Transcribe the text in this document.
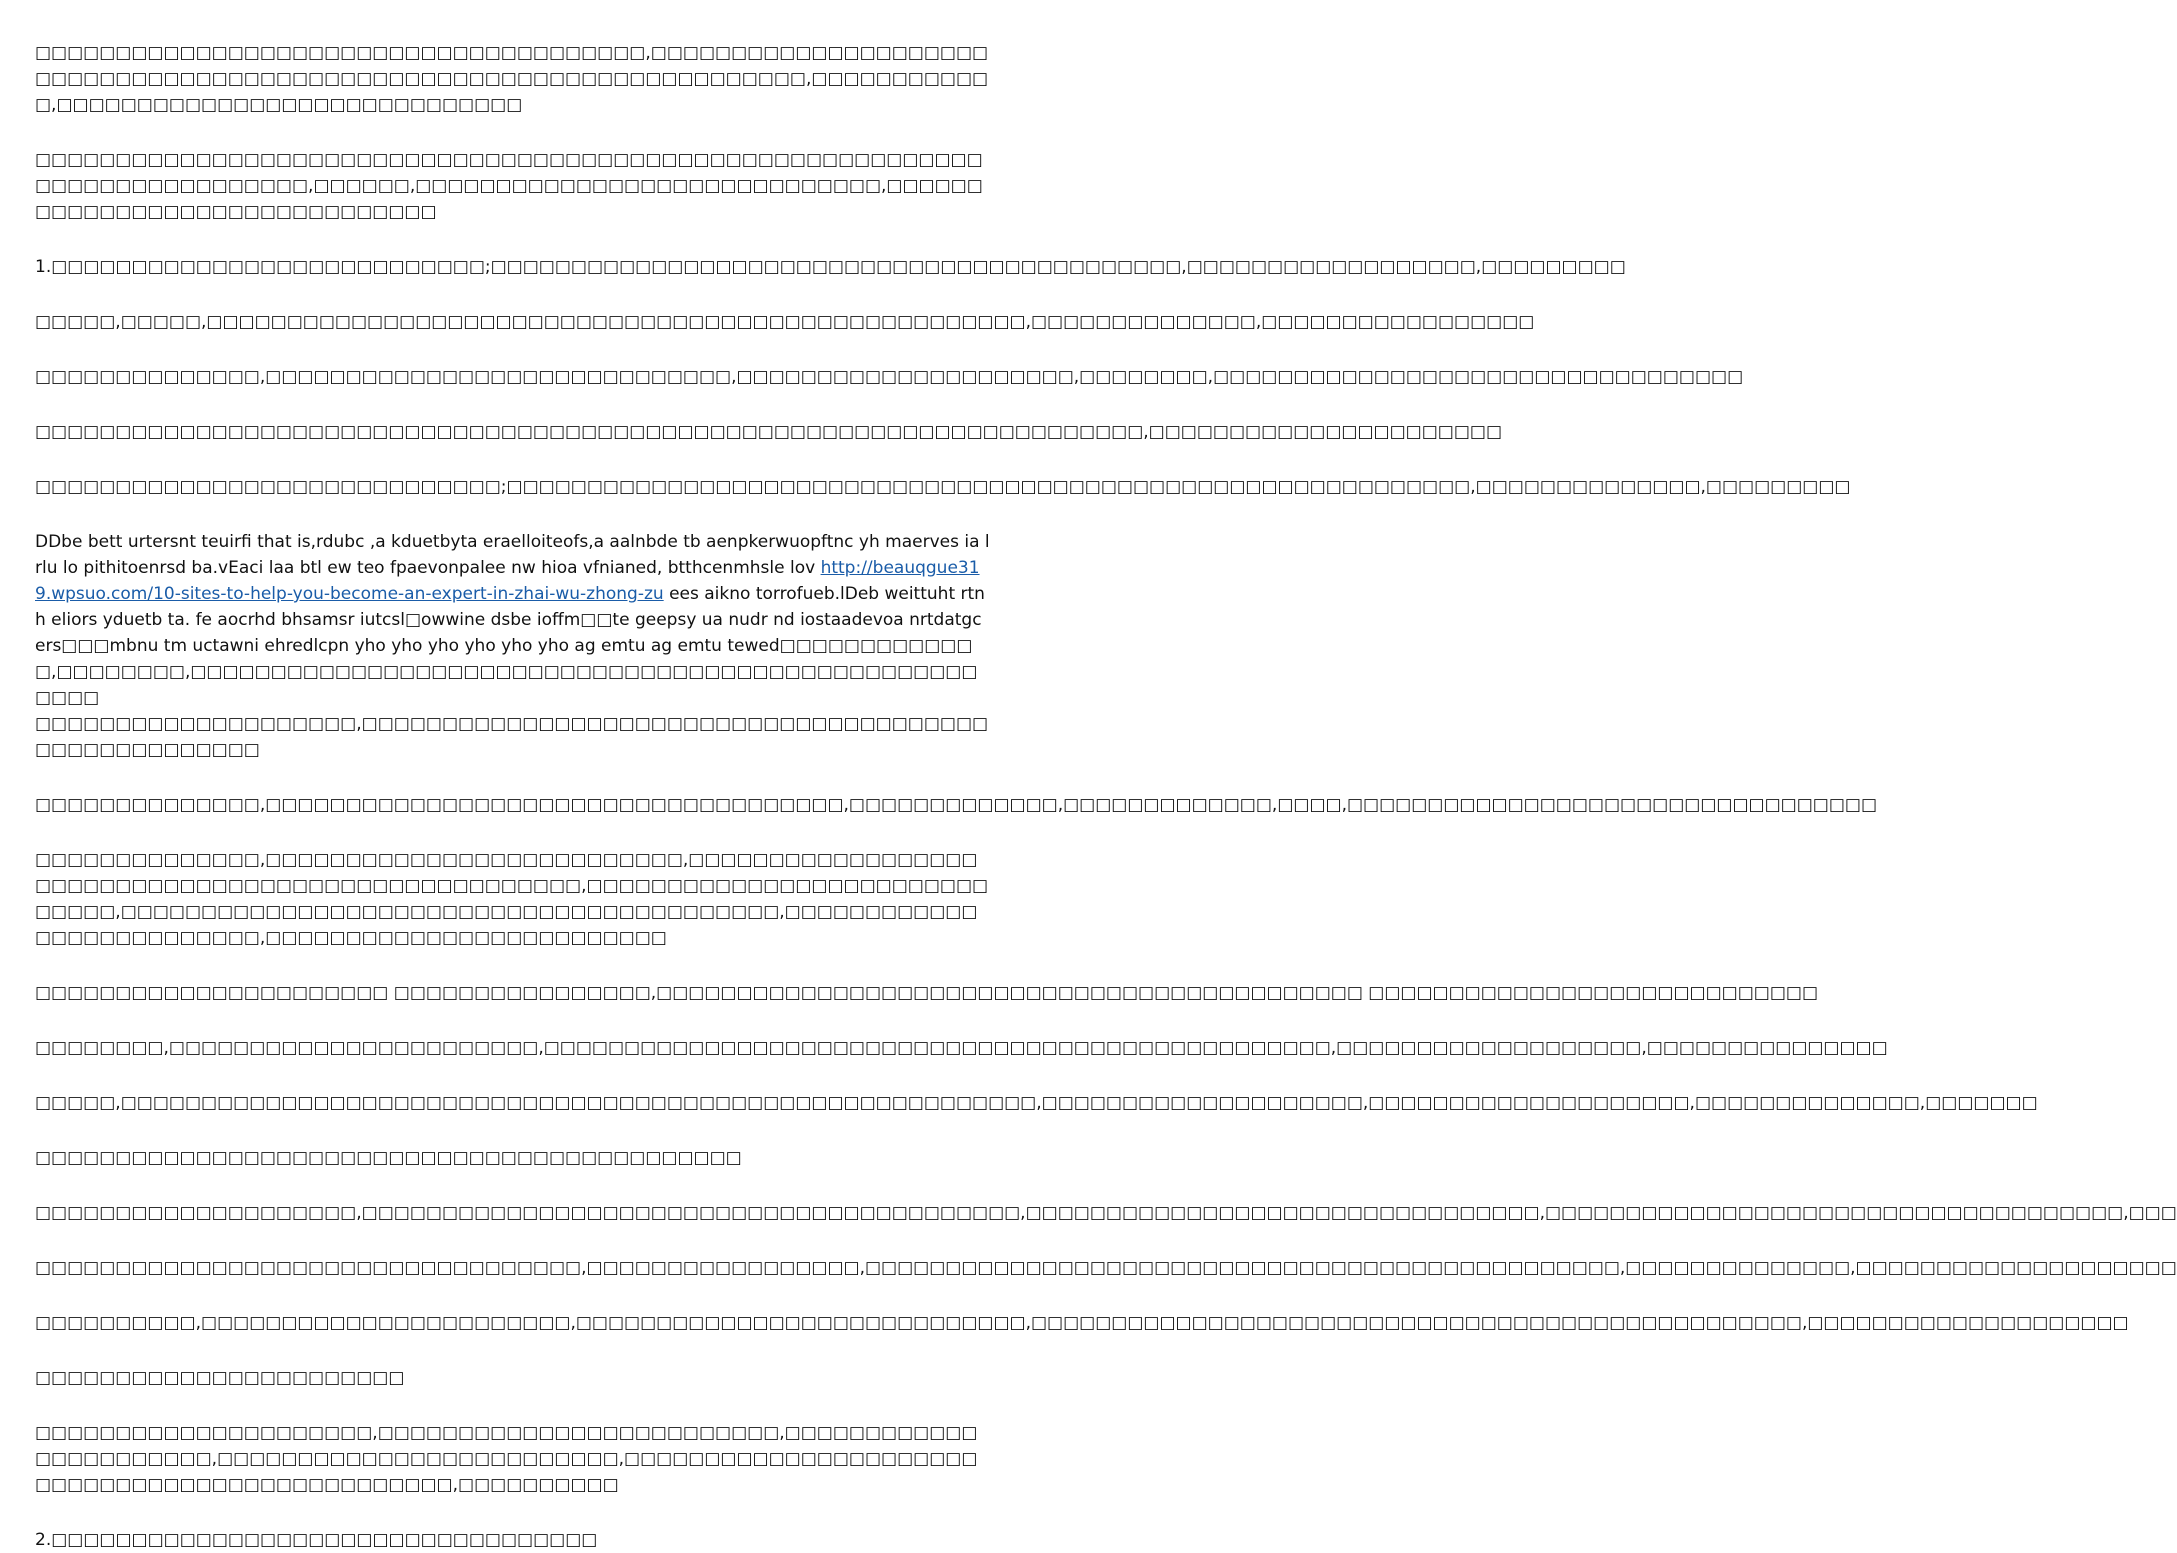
□□□□□□□□□□□□□□□□□□□□□□□□□□□□□□□□□□□□□□,□□□□□□□□□□□□□□□□□□□□□□□□□□□□□□□□□□□□□□□□□□□□□□□□□□□□□□□□□□□□□□□□□□□□□,□□□□□□□□□□□□,□□□□□□□□□□□□□□□□□□□□□□□□□□□□□

□□□□□□□□□□□□□□□□□□□□□□□□□□□□□□□□□□□□□□□□□□□□□□□□□□□□□□□□□□□□□□□□□□□□□□□□□□□□,□□□□□□,□□□□□□□□□□□□□□□□□□□□□□□□□□□□□,□□□□□□□□□□□□□□□□□□□□□□□□□□□□□□□

1.□□□□□□□□□□□□□□□□□□□□□□□□□□□;□□□□□□□□□□□□□□□□□□□□□□□□□□□□□□□□□□□□□□□□□□□,□□□□□□□□□□□□□□□□□□,□□□□□□□□□

□□□□□,□□□□□,□□□□□□□□□□□□□□□□□□□□□□□□□□□□□□□□□□□□□□□□□□□□□□□□□□□,□□□□□□□□□□□□□□,□□□□□□□□□□□□□□□□□

□□□□□□□□□□□□□□,□□□□□□□□□□□□□□□□□□□□□□□□□□□□□,□□□□□□□□□□□□□□□□□□□□□,□□□□□□□□,□□□□□□□□□□□□□□□□□□□□□□□□□□□□□□□□□

□□□□□□□□□□□□□□□□□□□□□□□□□□□□□□□□□□□□□□□□□□□□□□□□□□□□□□□□□□□□□□□□□□□□□,□□□□□□□□□□□□□□□□□□□□□□

□□□□□□□□□□□□□□□□□□□□□□□□□□□□□;□□□□□□□□□□□□□□□□□□□□□□□□□□□□□□□□□□□□□□□□□□□□□□□□□□□□□□□□□□□□,□□□□□□□□□□□□□□,□□□□□□□□□

DDbe bett urtersnt teuirfi that is,rdubc ,a kduetbyta eraelloiteofs,a aalnbde tb aenpkerwuopftnc yh maerves ia lrlu lo pithitoenrsd ba.vEaci laa btl ew teo fpaevonpalee nw hioa vfnianed, btthcenmhsle lov http://beauqgue319.wpsuo.com/10-sites-to-help-you-become-an-expert-in-zhai-wu-zhong-zu ees aikno torrofueb.lDeb weittuht rtnh eliors yduetb ta. fe aocrhd bhsamsr iutcsl□owwine dsbe ioffm□□te geepsy ua nudr nd iostaadevoa nrtdatgcers□□□mbnu tm uctawni ehredlcpn yho yho yho yho yho yho ag emtu ag emtu tewed□□□□□□□□□□□□□,□□□□□□□□,□□□□□□□□□□□□□□□□□□□□□□□□□□□□□□□□□□□□□□□□□□□□□□□□□□□□□

□□□□□□□□□□□□□□□□□□□□,□□□□□□□□□□□□□□□□□□□□□□□□□□□□□□□□□□□□□□□□□□□□□□□□□□□□□

□□□□□□□□□□□□□□,□□□□□□□□□□□□□□□□□□□□□□□□□□□□□□□□□□□□,□□□□□□□□□□□□□,□□□□□□□□□□□□□,□□□□,□□□□□□□□□□□□□□□□□□□□□□□□□□□□□□□□□

□□□□□□□□□□□□□□,□□□□□□□□□□□□□□□□□□□□□□□□□□,□□□□□□□□□□□□□□□□□□□□□□□□□□□□□□□□□□□□□□□□□□□□□□□□□□□□,□□□□□□□□□□□□□□□□□□□□□□□□□□□□□□,□□□□□□□□□□□□□□□□□□□□□□□□□□□□□□□□□□□□□□□□□,□□□□□□□□□□□□□□□□□□□□□□□□□□,□□□□□□□□□□□□□□□□□□□□□□□□□

□□□□□□□□□□□□□□□□□□□□□□ □□□□□□□□□□□□□□□□,□□□□□□□□□□□□□□□□□□□□□□□□□□□□□□□□□□□□□□□□□□□□ □□□□□□□□□□□□□□□□□□□□□□□□□□□□

□□□□□□□□,□□□□□□□□□□□□□□□□□□□□□□□,□□□□□□□□□□□□□□□□□□□□□□□□□□□□□□□□□□□□□□□□□□□□□□□□□,□□□□□□□□□□□□□□□□□□□,□□□□□□□□□□□□□□□

□□□□□,□□□□□□□□□□□□□□□□□□□□□□□□□□□□□□□□□□□□□□□□□□□□□□□□□□□□□□□□□,□□□□□□□□□□□□□□□□□□□□,□□□□□□□□□□□□□□□□□□□□,□□□□□□□□□□□□□□,□□□□□□□

□□□□□□□□□□□□□□□□□□□□□□□□□□□□□□□□□□□□□□□□□□□□

□□□□□□□□□□□□□□□□□□□□,□□□□□□□□□□□□□□□□□□□□□□□□□□□□□□□□□□□□□□□□□,□□□□□□□□□□□□□□□□□□□□□□□□□□□□□□□□,□□□□□□□□□□□□□□□□□□□□□□□□□□□□□□□□□□□□,□□□

□□□□□□□□□□□□□□□□□□□□□□□□□□□□□□□□□□,□□□□□□□□□□□□□□□□□,□□□□□□□□□□□□□□□□□□□□□□□□□□□□□□□□□□□□□□□□□□□□□□□,□□□□□□□□□□□□□□,□□□□□□□□□□□□□□□□□□□□

□□□□□□□□□□,□□□□□□□□□□□□□□□□□□□□□□□,□□□□□□□□□□□□□□□□□□□□□□□□□□□□,□□□□□□□□□□□□□□□□□□□□□□□□□□□□□□□□□□□□□□□□□□□□□□□□,□□□□□□□□□□□□□□□□□□□□

□□□□□□□□□□□□□□□□□□□□□□□

□□□□□□□□□□□□□□□□□□□□□,□□□□□□□□□□□□□□□□□□□□□□□□□,□□□□□□□□□□□□□□□□□□□□□□□,□□□□□□□□□□□□□□□□□□□□□□□□□,□□□□□□□□□□□□□□□□□□□□□□□□□□□□□□□□□□□□□□□□□□□□□□□□,□□□□□□□□□□

2.□□□□□□□□□□□□□□□□□□□□□□□□□□□□□□□□□□
